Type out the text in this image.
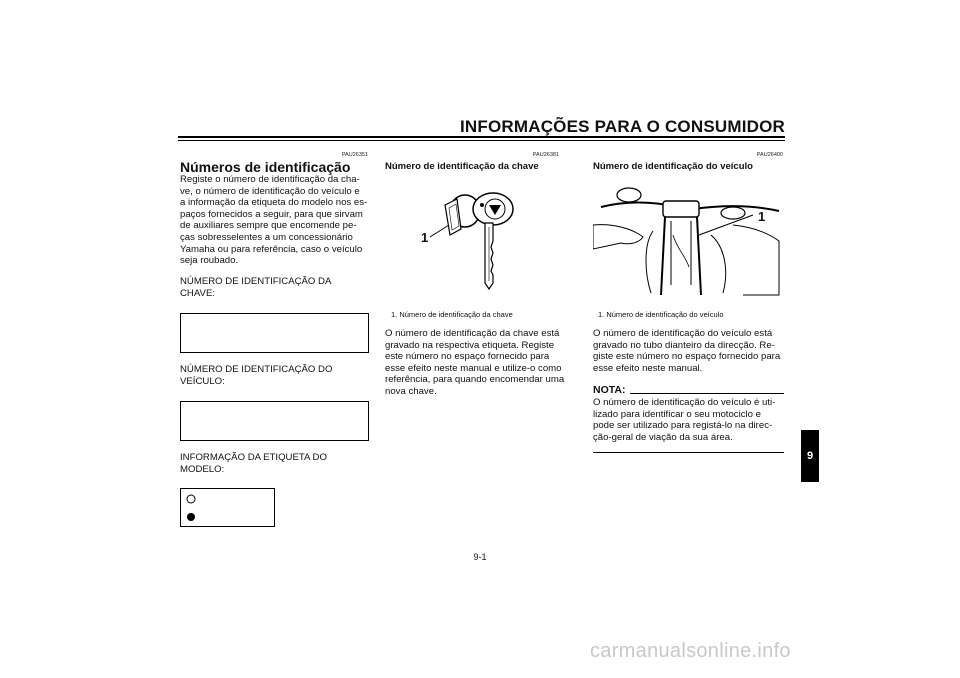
INFORMAÇÕES PARA O CONSUMIDOR
PAU26351
Números de identificação
Registe o número de identificação da cha-
ve, o número de identificação do veículo e
a informação da etiqueta do modelo nos es-
paços fornecidos a seguir, para que sirvam
de auxiliares sempre que encomende pe-
ças sobresselentes a um concessionário
Yamaha ou para referência, caso o veículo
seja roubado.
NÚMERO DE IDENTIFICAÇÃO DA
CHAVE:
NÚMERO DE IDENTIFICAÇÃO DO
VEÍCULO:
INFORMAÇÃO DA ETIQUETA DO
MODELO:
PAU26381
Número de identificação da chave
1
1. Número de identificação da chave
O número de identificação da chave está
gravado na respectiva etiqueta. Registe
este número no espaço fornecido para
esse efeito neste manual e utilize-o como
referência, para quando encomendar uma
nova chave.
PAU26400
Número de identificação do veículo
1
1. Número de identificação do veículo
O número de identificação do veículo está
gravado no tubo dianteiro da direcção. Re-
giste este número no espaço fornecido para
esse efeito neste manual.
NOTA:
O número de identificação do veículo é uti-
lizado para identificar o seu motociclo e
pode ser utilizado para registá-lo na direc-
ção-geral de viação da sua área.
9
9-1
carmanualsonline.info
